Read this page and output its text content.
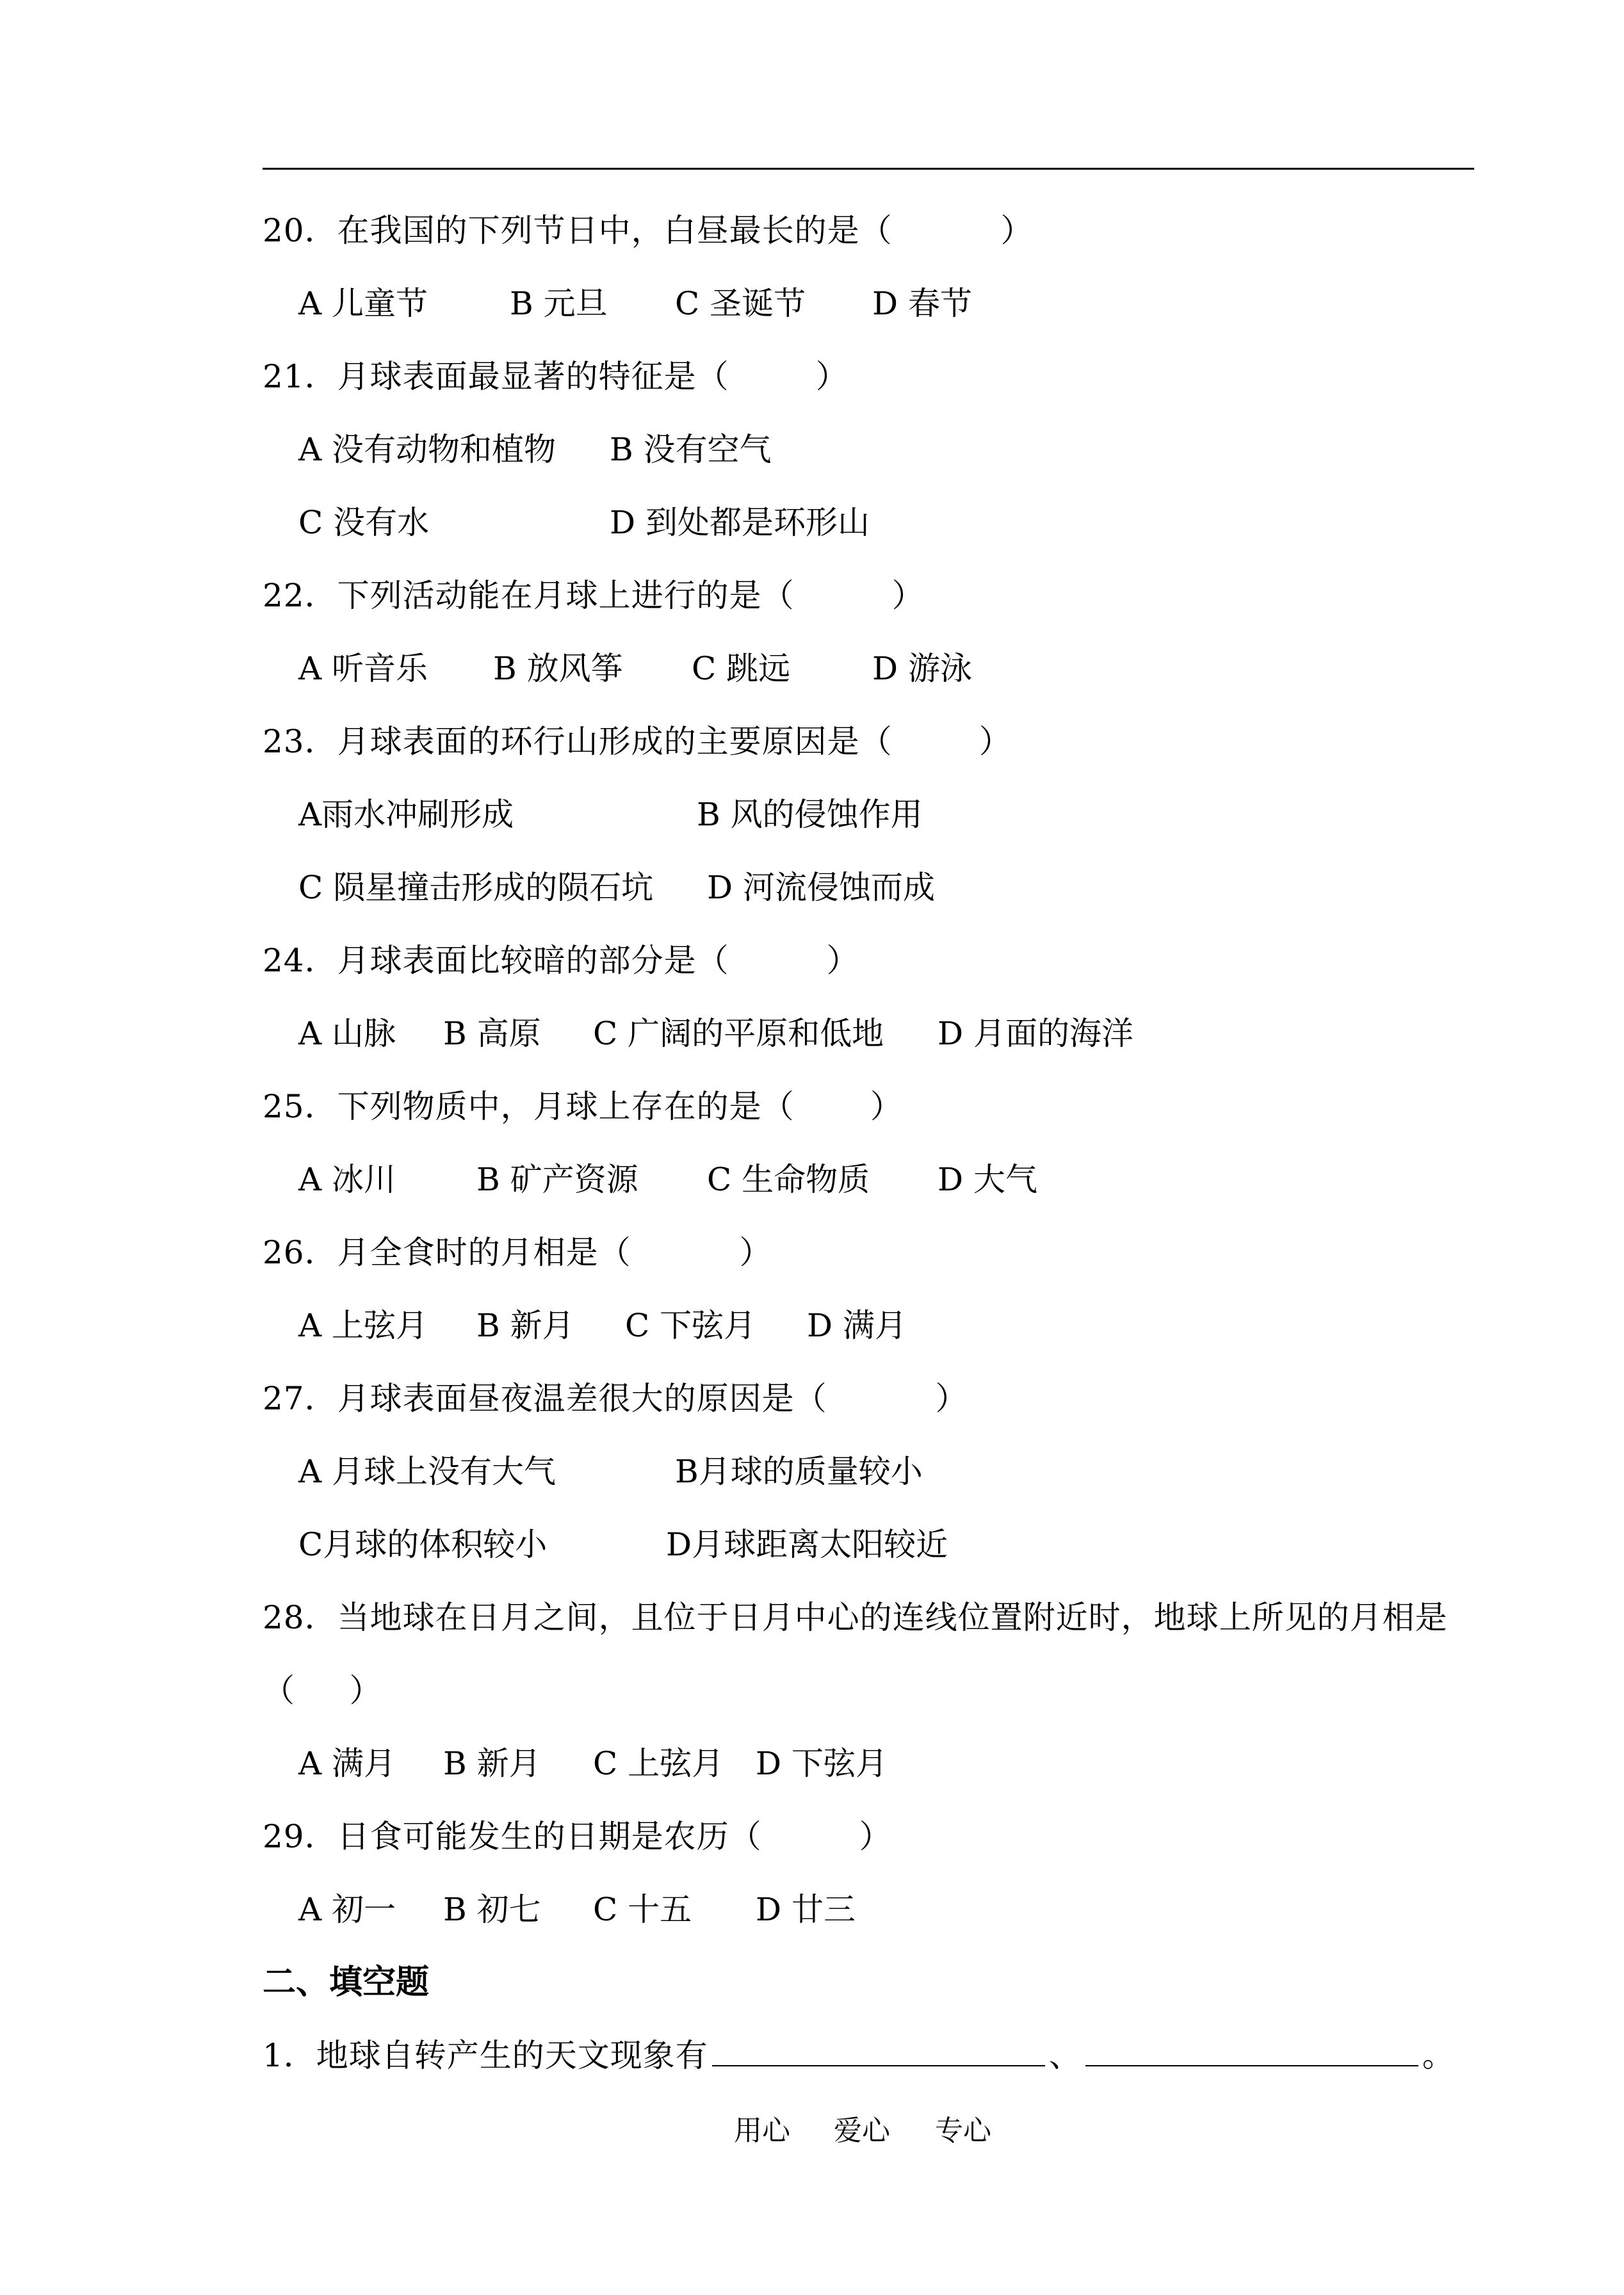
20．在我国的下列节日中，白昼最长的是（          ）
A 儿童节	B 元旦 C 圣诞节 D 春节
21．月球表面最显著的特征是（        ）
A 没有动物和植物 B 没有空气
C 没有水	D 到处都是环形山
22．下列活动能在月球上进行的是（         ）
A 听音乐 B 放风筝 C 跳远	D 游泳
23．月球表面的环行山形成的主要原因是（        ）
A雨水冲刷形成	B 风的侵蚀作用
C 陨星撞击形成的陨石坑 D 河流侵蚀而成
24．月球表面比较暗的部分是（         ）
A 山脉 B 高原 C 广阔的平原和低地 D 月面的海洋
25．下列物质中，月球上存在的是（       ）
A 冰川	B 矿产资源 C 生命物质 D 大气
26．月全食时的月相是（          ）
A 上弦月 B 新月 C 下弦月 D 满月
27．月球表面昼夜温差很大的原因是（          ）
A 月球上没有大气	B月球的质量较小
C月球的体积较小	D月球距离太阳较近
28．当地球在日月之间，且位于日月中心的连线位置附近时，地球上所见的月相是
（     ）
A 满月 B 新月 C 上弦月 D 下弦月
29．日食可能发生的日期是农历（         ）
A 初一 B 初七 C 十五 D 廿三
二、填空题
1．地球自转产生的天文现象有	、	。
用心 爱心 专心
